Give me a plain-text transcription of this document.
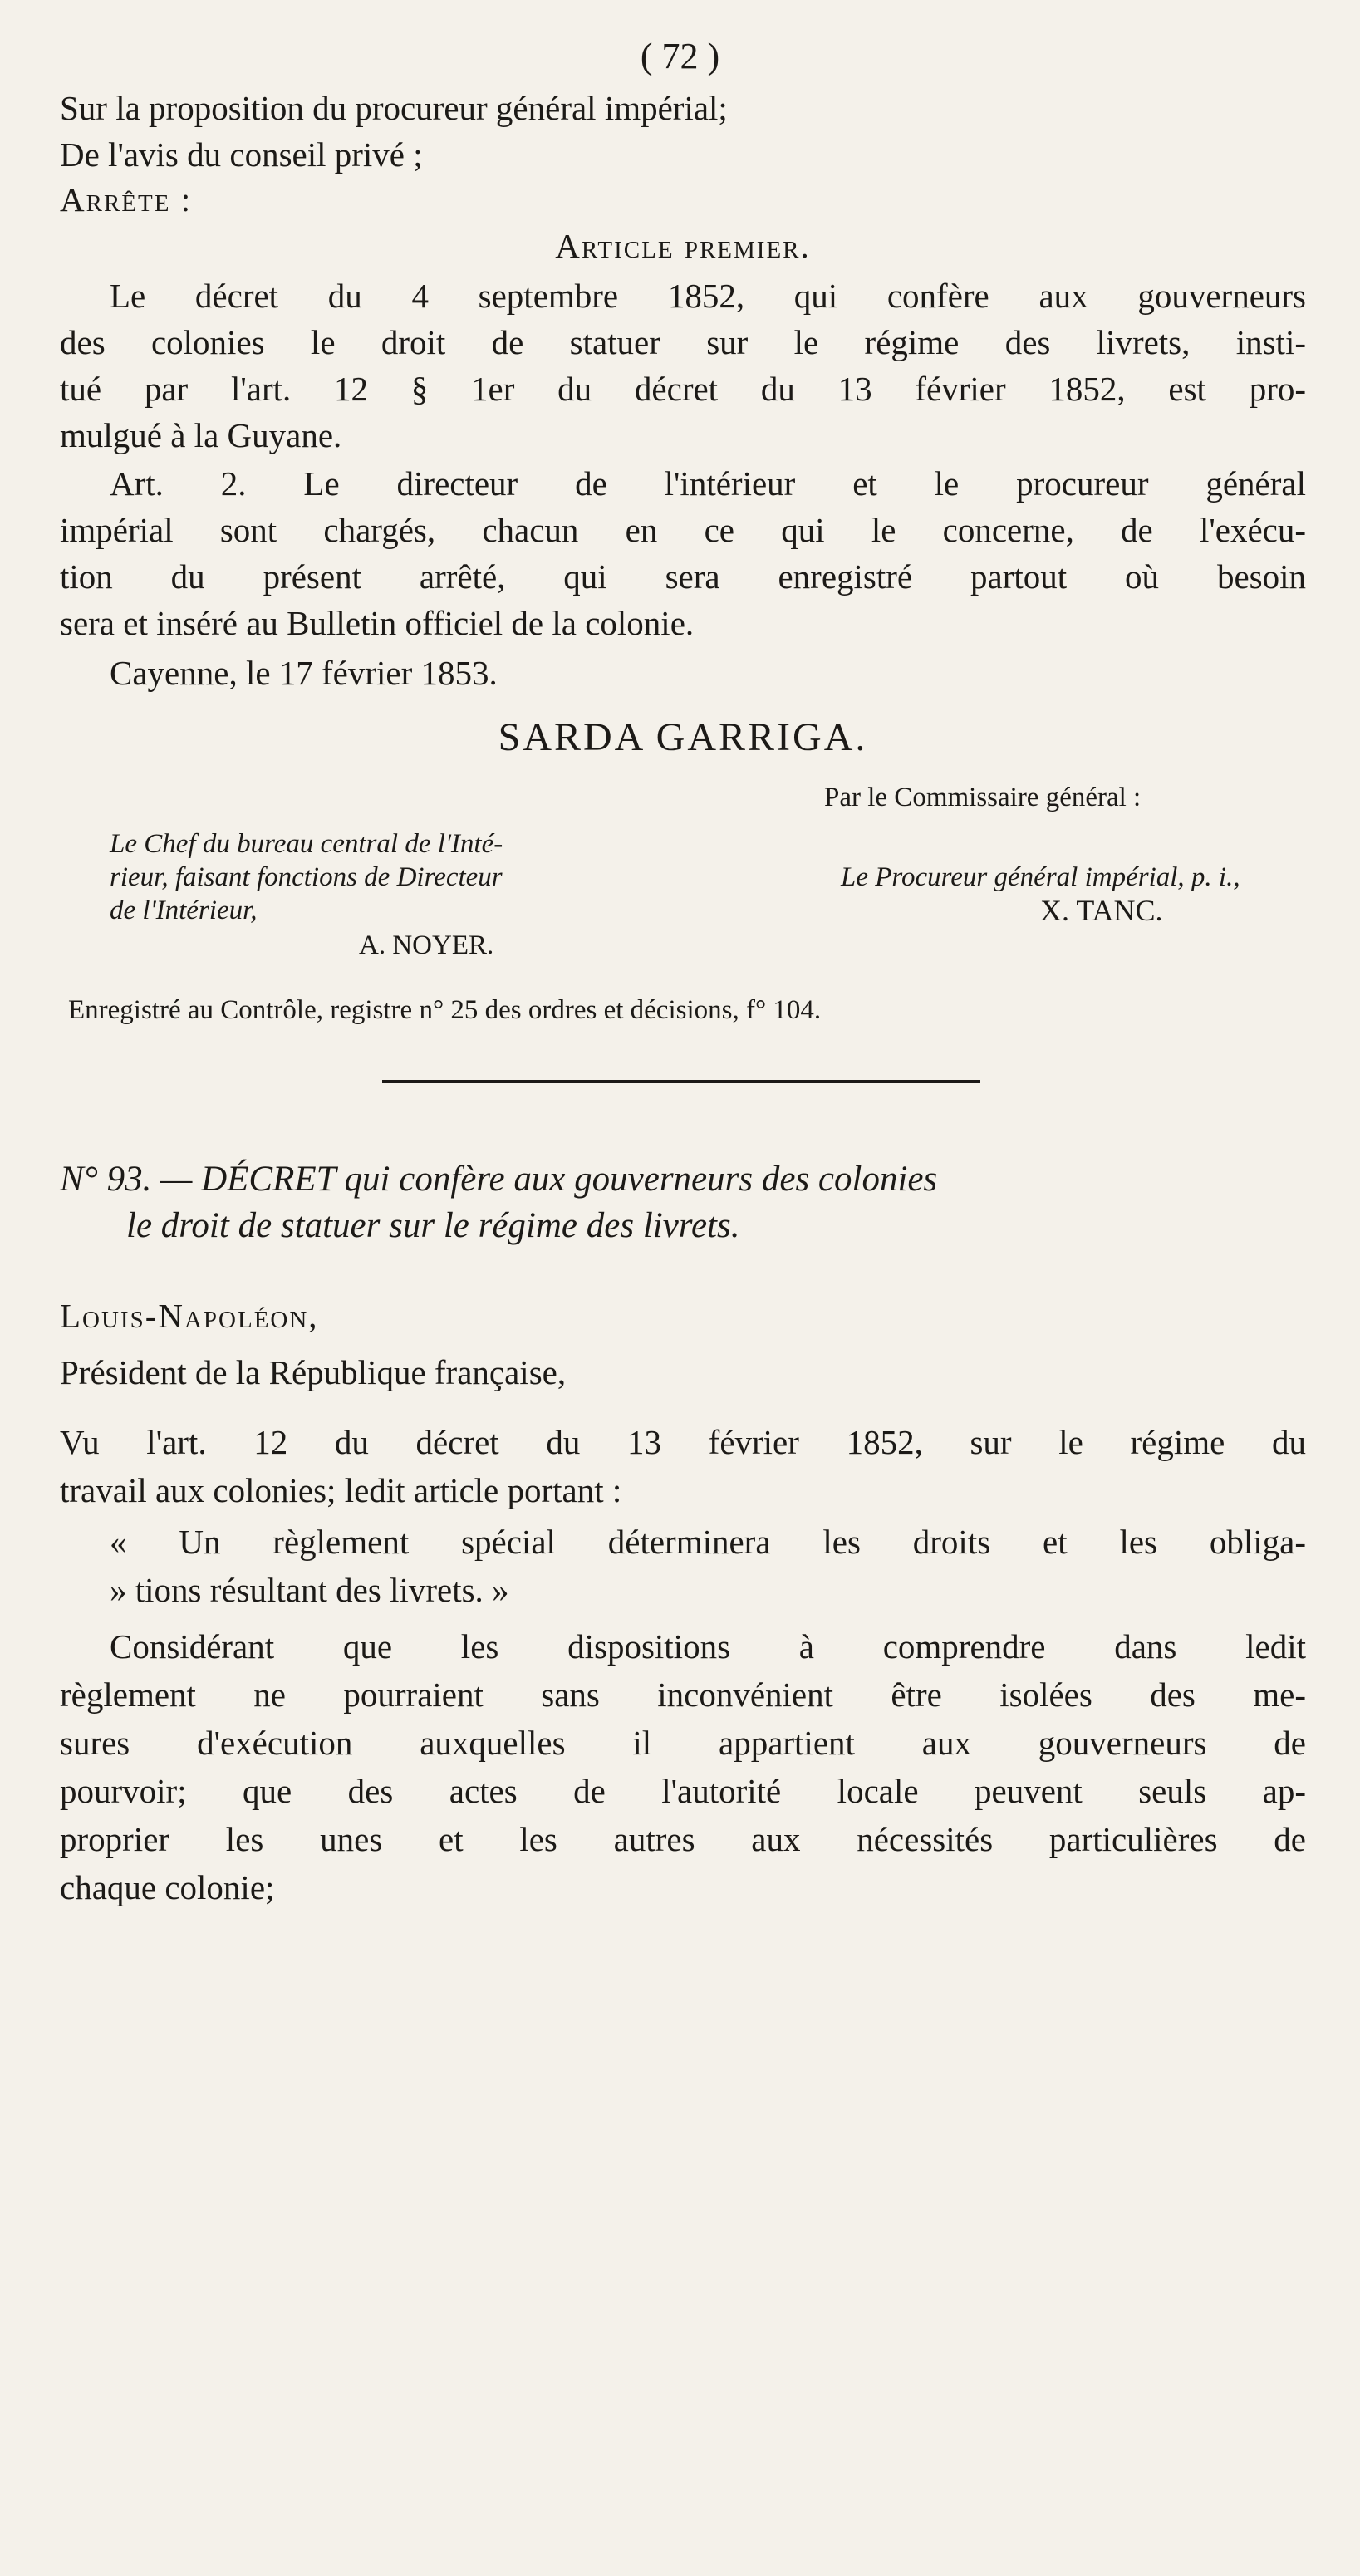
( 72 )
Sur la proposition du procureur général impérial;
De l'avis du conseil privé ;
Arrête :
Article premier.
Le décret du 4 septembre 1852, qui confère aux gouverneurs
des colonies le droit de statuer sur le régime des livrets, insti-
tué par l'art. 12 § 1er du décret du 13 février 1852, est pro-
mulgué à la Guyane.
Art. 2. Le directeur de l'intérieur et le procureur général
impérial sont chargés, chacun en ce qui le concerne, de l'exécu-
tion du présent arrêté, qui sera enregistré partout où besoin
sera et inséré au Bulletin officiel de la colonie.
Cayenne, le 17 février 1853.
SARDA GARRIGA.
Par le Commissaire général :
Le Chef du bureau central de l'Inté-
rieur, faisant fonctions de Directeur
de l'Intérieur,
A. NOYER.
Le Procureur général impérial, p. i.,
X. TANC.
Enregistré au Contrôle, registre n° 25 des ordres et décisions, f° 104.
N° 93. — DÉCRET qui confère aux gouverneurs des colonies
le droit de statuer sur le régime des livrets.
Louis-Napoléon,
Président de la République française,
Vu l'art. 12 du décret du 13 février 1852, sur le régime du
travail aux colonies; ledit article portant :
« Un règlement spécial déterminera les droits et les obliga-
» tions résultant des livrets. »
Considérant que les dispositions à comprendre dans ledit
règlement ne pourraient sans inconvénient être isolées des me-
sures d'exécution auxquelles il appartient aux gouverneurs de
pourvoir; que des actes de l'autorité locale peuvent seuls ap-
proprier les unes et les autres aux nécessités particulières de
chaque colonie;
